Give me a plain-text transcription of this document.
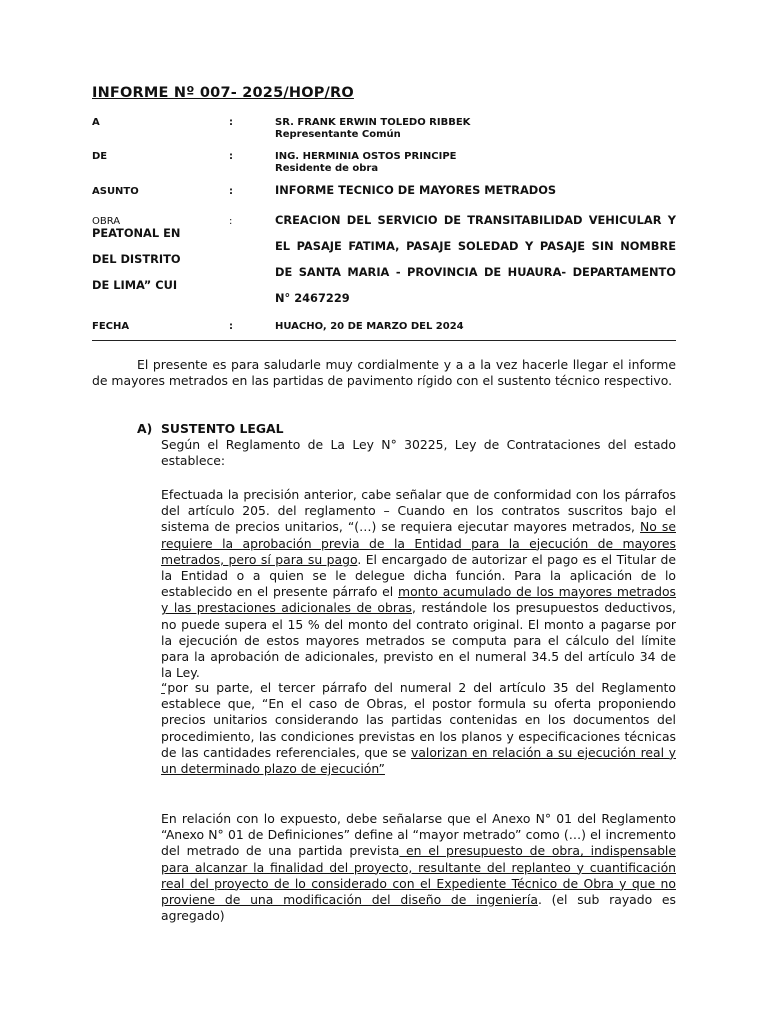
INFORME Nº 007- 2025/HOP/RO
A	:	SR. FRANK ERWIN TOLEDO RIBBEK
Representante Común
DE	:	ING. HERMINIA OSTOS PRINCIPE
Residente de obra
ASUNTO	:	INFORME TECNICO DE MAYORES METRADOS
OBRA	:	CREACION DEL SERVICIO DE TRANSITABILIDAD VEHICULAR Y
PEATONAL EN
EL PASAJE FATIMA, PASAJE SOLEDAD Y PASAJE SIN NOMBRE
DEL DISTRITO
DE SANTA MARIA - PROVINCIA DE HUAURA- DEPARTAMENTO
DE LIMA” CUI
N° 2467229
FECHA	:	HUACHO, 20 DE MARZO DEL 2024

El presente es para saludarle muy cordialmente y a a la vez hacerle llegar el informe de mayores metrados en las partidas de pavimento rígido con el sustento técnico respectivo.

A) SUSTENTO LEGAL

Según el Reglamento de La Ley N° 30225, Ley de Contrataciones del estado establece:

Efectuada la precisión anterior, cabe señalar que de conformidad con los párrafos del artículo 205. del reglamento – Cuando en los contratos suscritos bajo el sistema de precios unitarios, “(…) se requiera ejecutar mayores metrados, No se requiere la aprobación previa de la Entidad para la ejecución de mayores metrados, pero sí para su pago. El encargado de autorizar el pago es el Titular de la Entidad o a quien se le delegue dicha función. Para la aplicación de lo establecido en el presente párrafo el monto acumulado de los mayores metrados y las prestaciones adicionales de obras, restándole los presupuestos deductivos, no puede supera el 15 % del monto del contrato original. El monto a pagarse por la ejecución de estos mayores metrados se computa para el cálculo del límite para la aprobación de adicionales, previsto en el numeral 34.5 del artículo 34 de la Ley.

“por su parte, el tercer párrafo del numeral 2 del artículo 35 del Reglamento establece que, “En el caso de Obras, el postor formula su oferta proponiendo precios unitarios considerando las partidas contenidas en los documentos del procedimiento, las condiciones previstas en los planos y especificaciones técnicas de las cantidades referenciales, que se valorizan en relación a su ejecución real y un determinado plazo de ejecución”

En relación con lo expuesto, debe señalarse que el Anexo N° 01 del Reglamento “Anexo N° 01 de Definiciones” define al “mayor metrado” como (…) el incremento del metrado de una partida prevista en el presupuesto de obra, indispensable para alcanzar la finalidad del proyecto, resultante del replanteo y cuantificación real del proyecto de lo considerado con el Expediente Técnico de Obra y que no proviene de una modificación del diseño de ingeniería. (el sub rayado es agregado)
